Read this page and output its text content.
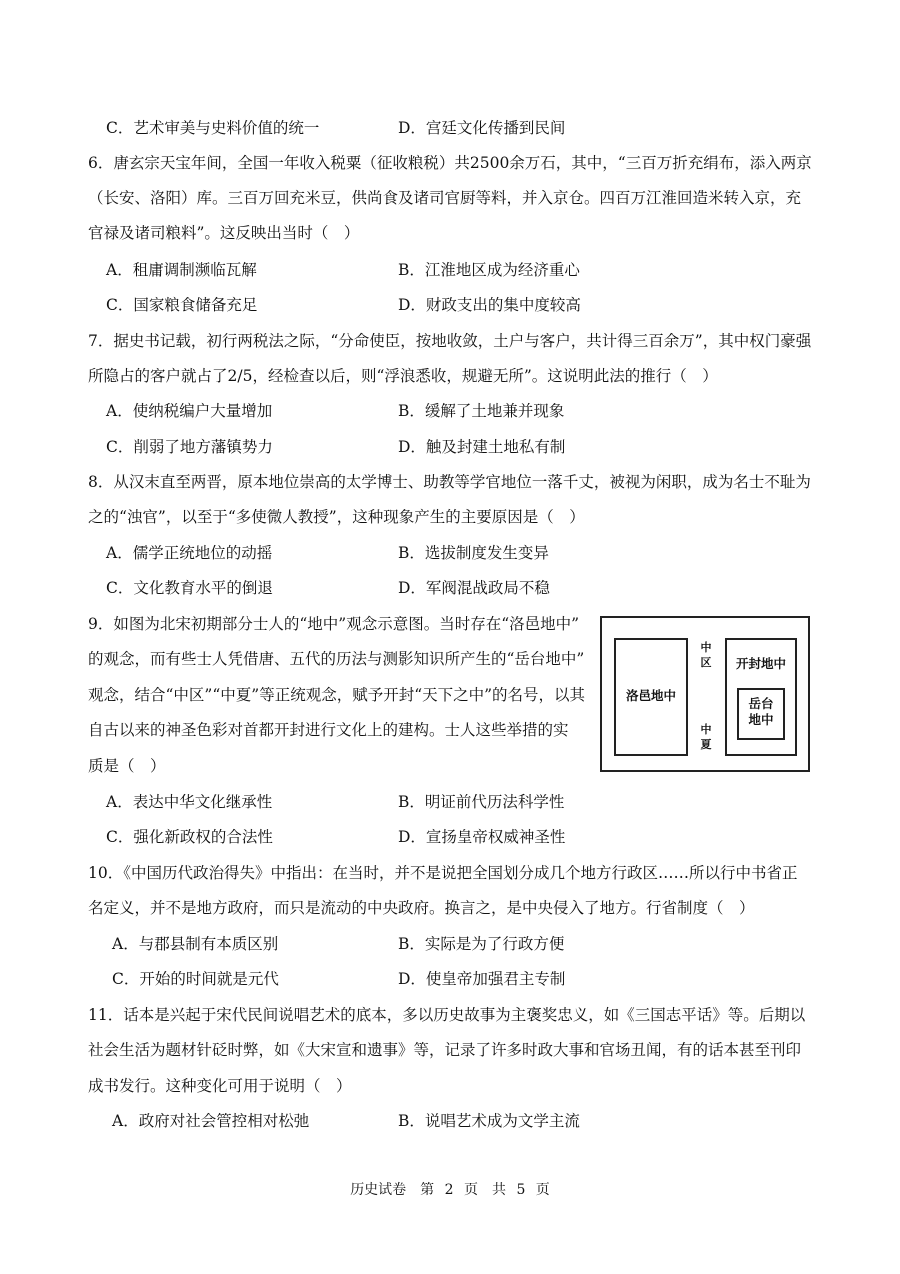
C．艺术审美与史料价值的统一	D．宫廷文化传播到民间
6．唐玄宗天宝年间，全国一年收入税粟（征收粮税）共2500余万石，其中，“三百万折充绢布，添入两京
（长安、洛阳）库。三百万回充米豆，供尚食及诸司官厨等料，并入京仓。四百万江淮回造米转入京，充
官禄及诸司粮料”。这反映出当时（　）
A．租庸调制濒临瓦解	B．江淮地区成为经济重心
C．国家粮食储备充足	D．财政支出的集中度较高
7．据史书记载，初行两税法之际，“分命使臣，按地收敛，土户与客户，共计得三百余万”，其中权门豪强
所隐占的客户就占了2/5，经检查以后，则“浮浪悉收，规避无所”。这说明此法的推行（　）
A．使纳税编户大量增加	B．缓解了土地兼并现象
C．削弱了地方藩镇势力	D．触及封建土地私有制
8．从汉末直至两晋，原本地位崇高的太学博士、助教等学官地位一落千丈，被视为闲职，成为名士不耻为
之的“浊官”，以至于“多使微人教授”，这种现象产生的主要原因是（　）
A．儒学正统地位的动摇	B．选拔制度发生变异
C．文化教育水平的倒退	D．军阀混战政局不稳
9．如图为北宋初期部分士人的“地中”观念示意图。当时存在“洛邑地中”
的观念，而有些士人凭借唐、五代的历法与测影知识所产生的“岳台地中”
观念，结合“中区”“中夏”等正统观念，赋予开封“天下之中”的名号，以其
自古以来的神圣色彩对首都开封进行文化上的建构。士人这些举措的实
质是（　）
洛邑地中
中
区
中
夏
开封地中
岳台
地中
A．表达中华文化继承性	B．明证前代历法科学性
C．强化新政权的合法性	D．宣扬皇帝权威神圣性
10．《中国历代政治得失》中指出：在当时，并不是说把全国划分成几个地方行政区……所以行中书省正
名定义，并不是地方政府，而只是流动的中央政府。换言之，是中央侵入了地方。行省制度（　）
A．与郡县制有本质区别	B．实际是为了行政方便
C．开始的时间就是元代	D．使皇帝加强君主专制
11．话本是兴起于宋代民间说唱艺术的底本，多以历史故事为主褒奖忠义，如《三国志平话》等。后期以
社会生活为题材针砭时弊，如《大宋宣和遗事》等，记录了许多时政大事和官场丑闻，有的话本甚至刊印
成书发行。这种变化可用于说明（　）
A．政府对社会管控相对松弛	B．说唱艺术成为文学主流
历史试卷　第 2 页　共 5 页
